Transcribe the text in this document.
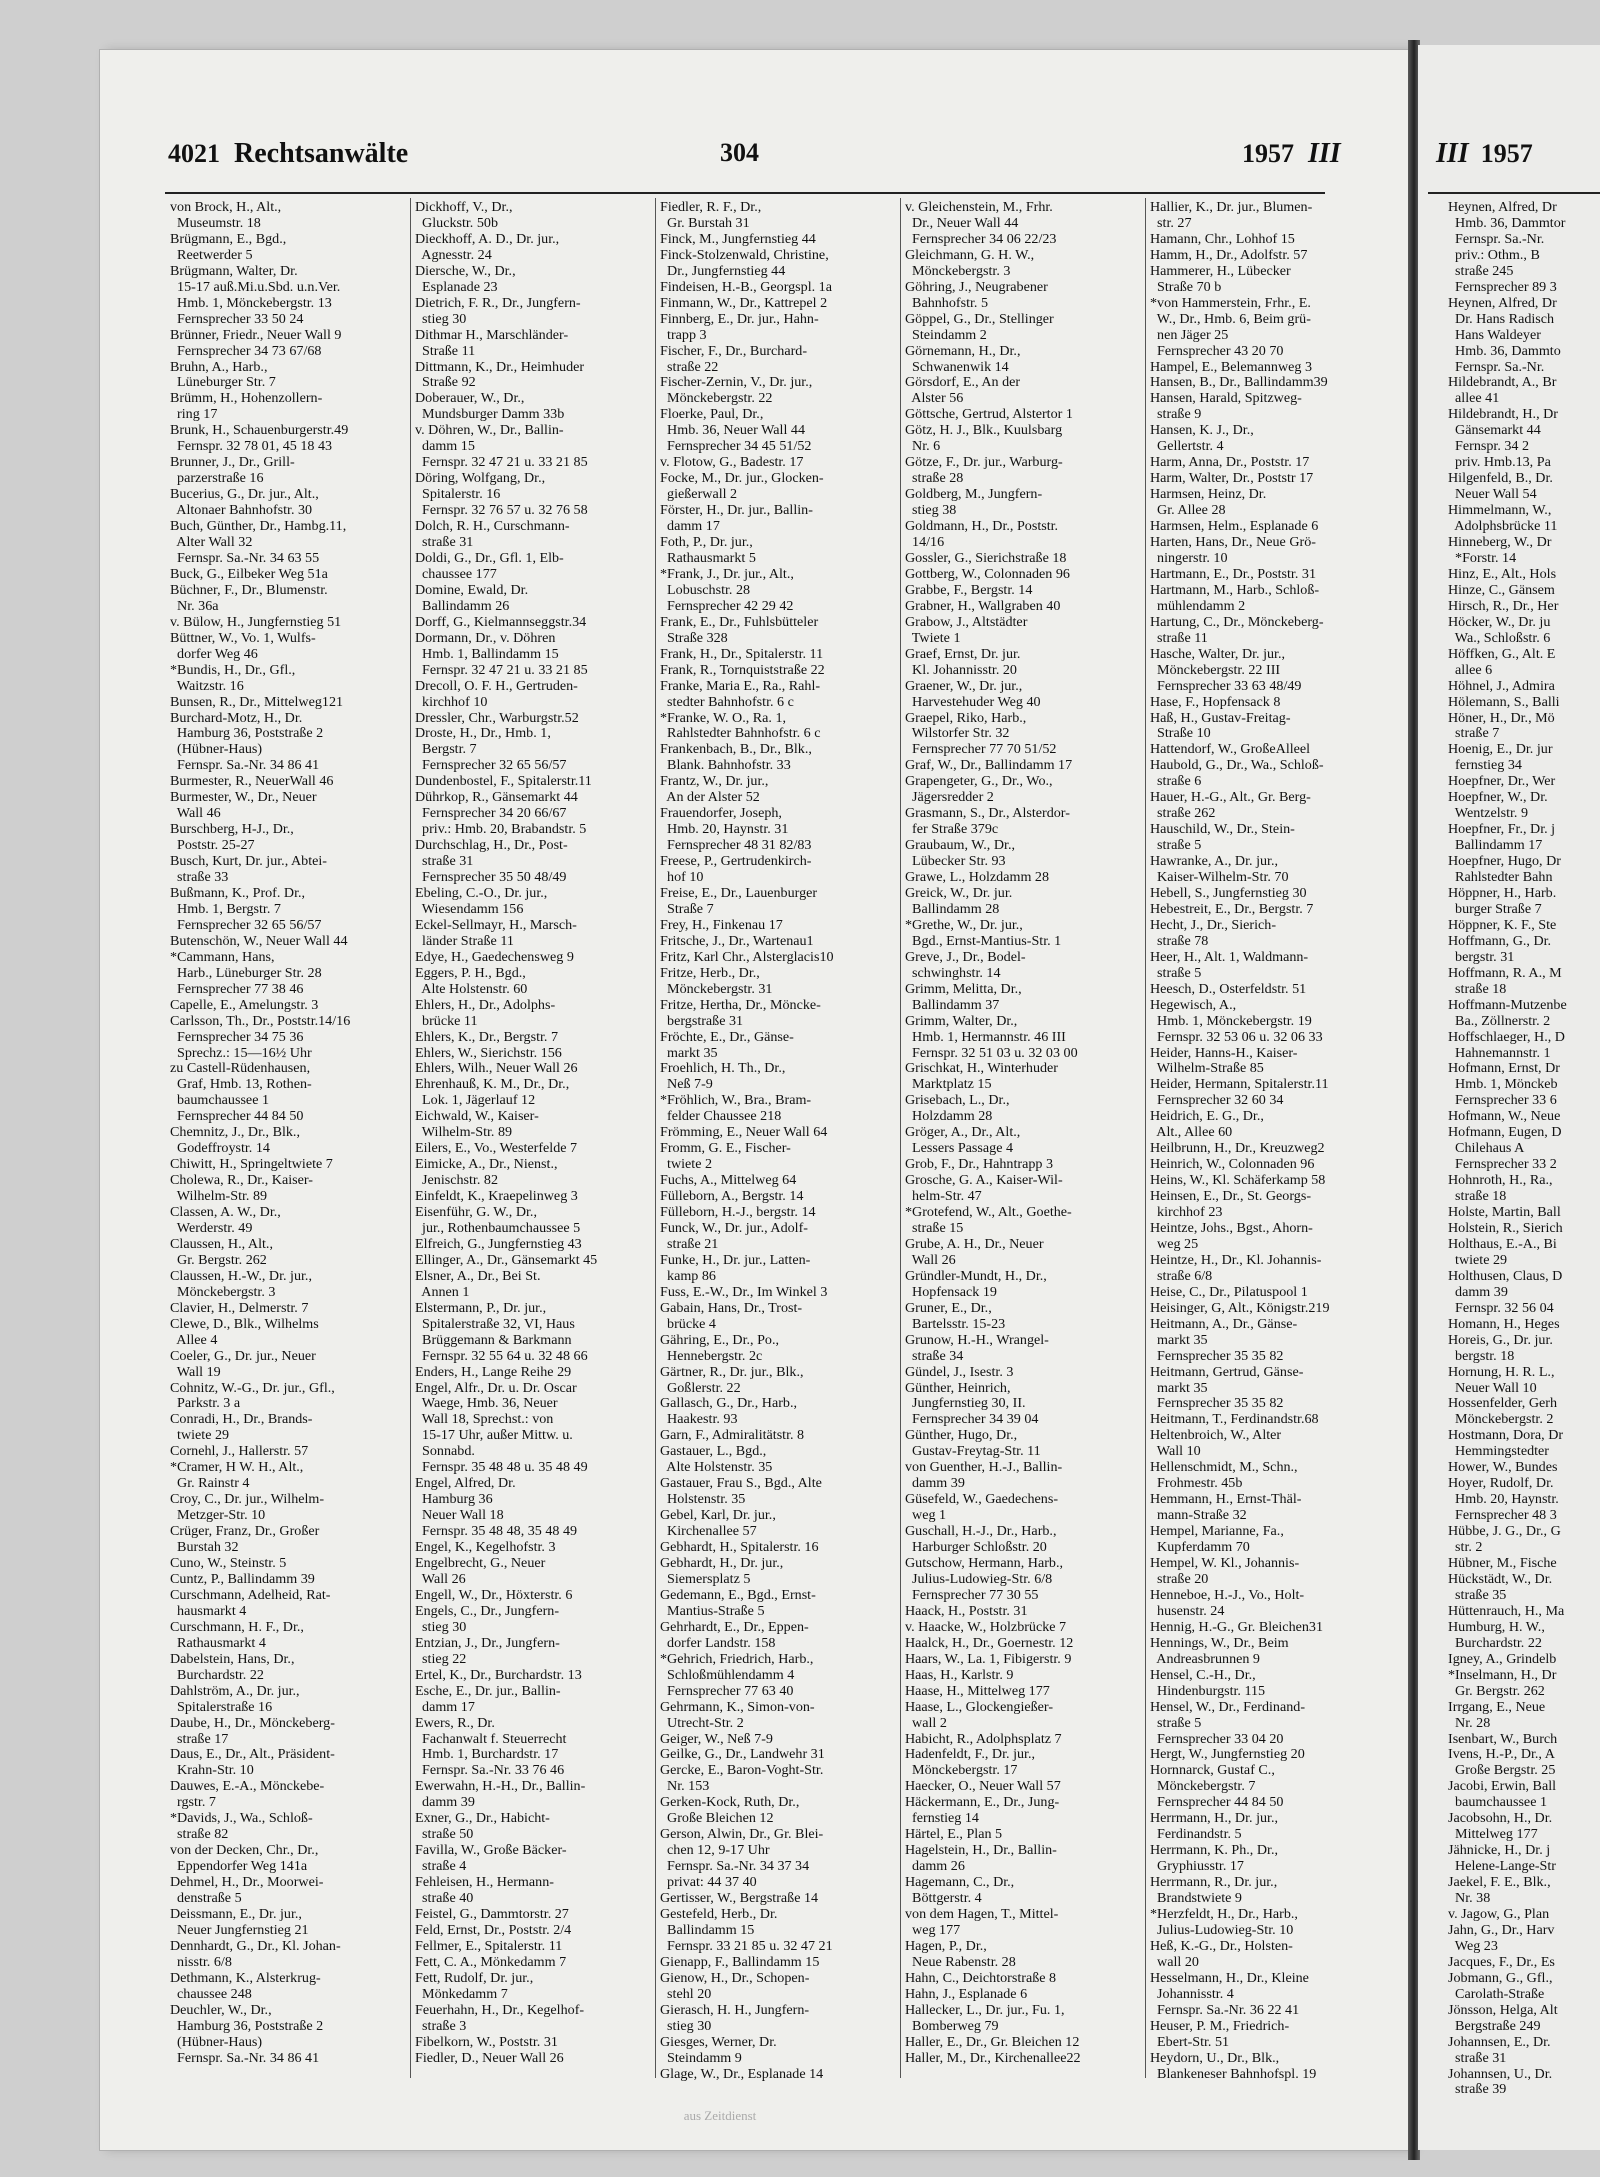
4021 Rechtsanwälte	304	1957 III	III 1957
von Brock, H., Alt.,
Museumstr. 18
Brügmann, E., Bgd.,
Reetwerder 5
Brügmann, Walter, Dr.
15-17 auß.Mi.u.Sbd. u.n.Ver.
Hmb. 1, Mönckebergstr. 13
Fernsprecher 33 50 24
Brünner, Friedr., Neuer Wall 9
Fernsprecher 34 73 67/68
Bruhn, A., Harb.,
Lüneburger Str. 7
Brümm, H., Hohenzollern-
ring 17
Brunk, H., Schauenburgerstr.49
Fernspr. 32 78 01, 45 18 43
Brunner, J., Dr., Grill-
parzerstraße 16
Bucerius, G., Dr. jur., Alt.,
Altonaer Bahnhofstr. 30
Buch, Günther, Dr., Hambg.11,
Alter Wall 32
Fernspr. Sa.-Nr. 34 63 55
Buck, G., Eilbeker Weg 51a
Büchner, F., Dr., Blumenstr.
Nr. 36a
v. Bülow, H., Jungfernstieg 51
Büttner, W., Vo. 1, Wulfs-
dorfer Weg 46
*Bundis, H., Dr., Gfl.,
Waitzstr. 16
Bunsen, R., Dr., Mittelweg121
Burchard-Motz, H., Dr.
Hamburg 36, Poststraße 2
(Hübner-Haus)
Fernspr. Sa.-Nr. 34 86 41
Burmester, R., NeuerWall 46
Burmester, W., Dr., Neuer
Wall 46
Burschberg, H-J., Dr.,
Poststr. 25-27
Busch, Kurt, Dr. jur., Abtei-
straße 33
Bußmann, K., Prof. Dr.,
Hmb. 1, Bergstr. 7
Fernsprecher 32 65 56/57
Butenschön, W., Neuer Wall 44
*Cammann, Hans,
Harb., Lüneburger Str. 28
Fernsprecher 77 38 46
Capelle, E., Amelungstr. 3
Carlsson, Th., Dr., Poststr.14/16
Fernsprecher 34 75 36
Sprechz.: 15—16½ Uhr
zu Castell-Rüdenhausen,
Graf, Hmb. 13, Rothen-
baumchaussee 1
Fernsprecher 44 84 50
Chemnitz, J., Dr., Blk.,
Godeffroystr. 14
Chiwitt, H., Springeltwiete 7
Cholewa, R., Dr., Kaiser-
Wilhelm-Str. 89
Classen, A. W., Dr.,
Werderstr. 49
Claussen, H., Alt.,
Gr. Bergstr. 262
Claussen, H.-W., Dr. jur.,
Mönckebergstr. 3
Clavier, H., Delmerstr. 7
Clewe, D., Blk., Wilhelms
Allee 4
Coeler, G., Dr. jur., Neuer
Wall 19
Cohnitz, W.-G., Dr. jur., Gfl.,
Parkstr. 3 a
Conradi, H., Dr., Brands-
twiete 29
Cornehl, J., Hallerstr. 57
*Cramer, H W. H., Alt.,
Gr. Rainstr 4
Croy, C., Dr. jur., Wilhelm-
Metzger-Str. 10
Crüger, Franz, Dr., Großer
Burstah 32
Cuno, W., Steinstr. 5
Cuntz, P., Ballindamm 39
Curschmann, Adelheid, Rat-
hausmarkt 4
Curschmann, H. F., Dr.,
Rathausmarkt 4
Dabelstein, Hans, Dr.,
Burchardstr. 22
Dahlström, A., Dr. jur.,
Spitalerstraße 16
Daube, H., Dr., Mönckeberg-
straße 17
Daus, E., Dr., Alt., Präsident-
Krahn-Str. 10
Dauwes, E.-A., Mönckebe-
rgstr. 7
*Davids, J., Wa., Schloß-
straße 82
von der Decken, Chr., Dr.,
Eppendorfer Weg 141a
Dehmel, H., Dr., Moorwei-
denstraße 5
Deissmann, E., Dr. jur.,
Neuer Jungfernstieg 21
Dennhardt, G., Dr., Kl. Johan-
nisstr. 6/8
Dethmann, K., Alsterkrug-
chaussee 248
Deuchler, W., Dr.,
Hamburg 36, Poststraße 2
(Hübner-Haus)
Fernspr. Sa.-Nr. 34 86 41
Dickhoff, V., Dr.,
Gluckstr. 50b
Dieckhoff, A. D., Dr. jur.,
Agnesstr. 24
Diersche, W., Dr.,
Esplanade 23
Dietrich, F. R., Dr., Jungfern-
stieg 30
Dithmar H., Marschländer-
Straße 11
Dittmann, K., Dr., Heimhuder
Straße 92
Doberauer, W., Dr.,
Mundsburger Damm 33b
v. Döhren, W., Dr., Ballin-
damm 15
Fernspr. 32 47 21 u. 33 21 85
Döring, Wolfgang, Dr.,
Spitalerstr. 16
Fernspr. 32 76 57 u. 32 76 58
Dolch, R. H., Curschmann-
straße 31
Doldi, G., Dr., Gfl. 1, Elb-
chaussee 177
Domine, Ewald, Dr.
Ballindamm 26
Dorff, G., Kielmannseggstr.34
Dormann, Dr., v. Döhren
Hmb. 1, Ballindamm 15
Fernspr. 32 47 21 u. 33 21 85
Drecoll, O. F. H., Gertruden-
kirchhof 10
Dressler, Chr., Warburgstr.52
Droste, H., Dr., Hmb. 1,
Bergstr. 7
Fernsprecher 32 65 56/57
Dundenbostel, F., Spitalerstr.11
Dührkop, R., Gänsemarkt 44
Fernsprecher 34 20 66/67
priv.: Hmb. 20, Brabandstr. 5
Durchschlag, H., Dr., Post-
straße 31
Fernsprecher 35 50 48/49
Ebeling, C.-O., Dr. jur.,
Wiesendamm 156
Eckel-Sellmayr, H., Marsch-
länder Straße 11
Edye, H., Gaedechensweg 9
Eggers, P. H., Bgd.,
Alte Holstenstr. 60
Ehlers, H., Dr., Adolphs-
brücke 11
Ehlers, K., Dr., Bergstr. 7
Ehlers, W., Sierichstr. 156
Ehlers, Wilh., Neuer Wall 26
Ehrenhauß, K. M., Dr., Dr.,
Lok. 1, Jägerlauf 12
Eichwald, W., Kaiser-
Wilhelm-Str. 89
Eilers, E., Vo., Westerfelde 7
Eimicke, A., Dr., Nienst.,
Jenischstr. 82
Einfeldt, K., Kraepelinweg 3
Eisenführ, G. W., Dr.,
jur., Rothenbaumchaussee 5
Elfreich, G., Jungfernstieg 43
Ellinger, A., Dr., Gänsemarkt 45
Elsner, A., Dr., Bei St.
Annen 1
Elstermann, P., Dr. jur.,
Spitalerstraße 32, VI, Haus
Brüggemann & Barkmann
Fernspr. 32 55 64 u. 32 48 66
Enders, H., Lange Reihe 29
Engel, Alfr., Dr. u. Dr. Oscar
Waege, Hmb. 36, Neuer
Wall 18, Sprechst.: von
15-17 Uhr, außer Mittw. u.
Sonnabd.
Fernspr. 35 48 48 u. 35 48 49
Engel, Alfred, Dr.
Hamburg 36
Neuer Wall 18
Fernspr. 35 48 48, 35 48 49
Engel, K., Kegelhofstr. 3
Engelbrecht, G., Neuer
Wall 26
Engell, W., Dr., Höxterstr. 6
Engels, C., Dr., Jungfern-
stieg 30
Entzian, J., Dr., Jungfern-
stieg 22
Ertel, K., Dr., Burchardstr. 13
Esche, E., Dr. jur., Ballin-
damm 17
Ewers, R., Dr.
Fachanwalt f. Steuerrecht
Hmb. 1, Burchardstr. 17
Fernspr. Sa.-Nr. 33 76 46
Ewerwahn, H.-H., Dr., Ballin-
damm 39
Exner, G., Dr., Habicht-
straße 50
Favilla, W., Große Bäcker-
straße 4
Fehleisen, H., Hermann-
straße 40
Feistel, G., Dammtorstr. 27
Feld, Ernst, Dr., Poststr. 2/4
Fellmer, E., Spitalerstr. 11
Fett, C. A., Mönkedamm 7
Fett, Rudolf, Dr. jur.,
Mönkedamm 7
Feuerhahn, H., Dr., Kegelhof-
straße 3
Fibelkorn, W., Poststr. 31
Fiedler, D., Neuer Wall 26
Fiedler, R. F., Dr.,
Gr. Burstah 31
Finck, M., Jungfernstieg 44
Finck-Stolzenwald, Christine,
Dr., Jungfernstieg 44
Findeisen, H.-B., Georgspl. 1a
Finmann, W., Dr., Kattrepel 2
Finnberg, E., Dr. jur., Hahn-
trapp 3
Fischer, F., Dr., Burchard-
straße 22
Fischer-Zernin, V., Dr. jur.,
Mönckebergstr. 22
Floerke, Paul, Dr.,
Hmb. 36, Neuer Wall 44
Fernsprecher 34 45 51/52
v. Flotow, G., Badestr. 17
Focke, M., Dr. jur., Glocken-
gießerwall 2
Förster, H., Dr. jur., Ballin-
damm 17
Foth, P., Dr. jur.,
Rathausmarkt 5
*Frank, J., Dr. jur., Alt.,
Lobuschstr. 28
Fernsprecher 42 29 42
Frank, E., Dr., Fuhlsbütteler
Straße 328
Frank, H., Dr., Spitalerstr. 11
Frank, R., Tornquiststraße 22
Franke, Maria E., Ra., Rahl-
stedter Bahnhofstr. 6 c
*Franke, W. O., Ra. 1,
Rahlstedter Bahnhofstr. 6 c
Frankenbach, B., Dr., Blk.,
Blank. Bahnhofstr. 33
Frantz, W., Dr. jur.,
An der Alster 52
Frauendorfer, Joseph,
Hmb. 20, Haynstr. 31
Fernsprecher 48 31 82/83
Freese, P., Gertrudenkirch-
hof 10
Freise, E., Dr., Lauenburger
Straße 7
Frey, H., Finkenau 17
Fritsche, J., Dr., Wartenau1
Fritz, Karl Chr., Alsterglacis10
Fritze, Herb., Dr.,
Mönckebergstr. 31
Fritze, Hertha, Dr., Möncke-
bergstraße 31
Fröchte, E., Dr., Gänse-
markt 35
Froehlich, H. Th., Dr.,
Neß 7-9
*Fröhlich, W., Bra., Bram-
felder Chaussee 218
Frömming, E., Neuer Wall 64
Fromm, G. E., Fischer-
twiete 2
Fuchs, A., Mittelweg 64
Fülleborn, A., Bergstr. 14
Fülleborn, H.-J., bergstr. 14
Funck, W., Dr. jur., Adolf-
straße 21
Funke, H., Dr. jur., Latten-
kamp 86
Fuss, E.-W., Dr., Im Winkel 3
Gabain, Hans, Dr., Trost-
brücke 4
Gähring, E., Dr., Po.,
Hennebergstr. 2c
Gärtner, R., Dr. jur., Blk.,
Goßlerstr. 22
Gallasch, G., Dr., Harb.,
Haakestr. 93
Garn, F., Admiralitätstr. 8
Gastauer, L., Bgd.,
Alte Holstenstr. 35
Gastauer, Frau S., Bgd., Alte
Holstenstr. 35
Gebel, Karl, Dr. jur.,
Kirchenallee 57
Gebhardt, H., Spitalerstr. 16
Gebhardt, H., Dr. jur.,
Siemersplatz 5
Gedemann, E., Bgd., Ernst-
Mantius-Straße 5
Gehrhardt, E., Dr., Eppen-
dorfer Landstr. 158
*Gehrich, Friedrich, Harb.,
Schloßmühlendamm 4
Fernsprecher 77 63 40
Gehrmann, K., Simon-von-
Utrecht-Str. 2
Geiger, W., Neß 7-9
Geilke, G., Dr., Landwehr 31
Gercke, E., Baron-Voght-Str.
Nr. 153
Gerken-Kock, Ruth, Dr.,
Große Bleichen 12
Gerson, Alwin, Dr., Gr. Blei-
chen 12, 9-17 Uhr
Fernspr. Sa.-Nr. 34 37 34
privat: 44 37 40
Gertisser, W., Bergstraße 14
Gestefeld, Herb., Dr.
Ballindamm 15
Fernspr. 33 21 85 u. 32 47 21
Gienapp, F., Ballindamm 15
Gienow, H., Dr., Schopen-
stehl 20
Gierasch, H. H., Jungfern-
stieg 30
Giesges, Werner, Dr.
Steindamm 9
Glage, W., Dr., Esplanade 14
v. Gleichenstein, M., Frhr.
Dr., Neuer Wall 44
Fernsprecher 34 06 22/23
Gleichmann, G. H. W.,
Mönckebergstr. 3
Göhring, J., Neugrabener
Bahnhofstr. 5
Göppel, G., Dr., Stellinger
Steindamm 2
Görnemann, H., Dr.,
Schwanenwik 14
Görsdorf, E., An der
Alster 56
Göttsche, Gertrud, Alstertor 1
Götz, H. J., Blk., Kuulsbarg
Nr. 6
Götze, F., Dr. jur., Warburg-
straße 28
Goldberg, M., Jungfern-
stieg 38
Goldmann, H., Dr., Poststr.
14/16
Gossler, G., Sierichstraße 18
Gottberg, W., Colonnaden 96
Grabbe, F., Bergstr. 14
Grabner, H., Wallgraben 40
Grabow, J., Altstädter
Twiete 1
Graef, Ernst, Dr. jur.
Kl. Johannisstr. 20
Graener, W., Dr. jur.,
Harvestehuder Weg 40
Graepel, Riko, Harb.,
Wilstorfer Str. 32
Fernsprecher 77 70 51/52
Graf, W., Dr., Ballindamm 17
Grapengeter, G., Dr., Wo.,
Jägersredder 2
Grasmann, S., Dr., Alsterdor-
fer Straße 379c
Graubaum, W., Dr.,
Lübecker Str. 93
Grawe, L., Holzdamm 28
Greick, W., Dr. jur.
Ballindamm 28
*Grethe, W., Dr. jur.,
Bgd., Ernst-Mantius-Str. 1
Greve, J., Dr., Bodel-
schwinghstr. 14
Grimm, Melitta, Dr.,
Ballindamm 37
Grimm, Walter, Dr.,
Hmb. 1, Hermannstr. 46 III
Fernspr. 32 51 03 u. 32 03 00
Grischkat, H., Winterhuder
Marktplatz 15
Grisebach, L., Dr.,
Holzdamm 28
Gröger, A., Dr., Alt.,
Lessers Passage 4
Grob, F., Dr., Hahntrapp 3
Grosche, G. A., Kaiser-Wil-
helm-Str. 47
*Grotefend, W., Alt., Goethe-
straße 15
Grube, A. H., Dr., Neuer
Wall 26
Gründler-Mundt, H., Dr.,
Hopfensack 19
Gruner, E., Dr.,
Bartelsstr. 15-23
Grunow, H.-H., Wrangel-
straße 34
Gündel, J., Isestr. 3
Günther, Heinrich,
Jungfernstieg 30, II.
Fernsprecher 34 39 04
Günther, Hugo, Dr.,
Gustav-Freytag-Str. 11
von Guenther, H.-J., Ballin-
damm 39
Güsefeld, W., Gaedechens-
weg 1
Guschall, H.-J., Dr., Harb.,
Harburger Schloßstr. 20
Gutschow, Hermann, Harb.,
Julius-Ludowieg-Str. 6/8
Fernsprecher 77 30 55
Haack, H., Poststr. 31
v. Haacke, W., Holzbrücke 7
Haalck, H., Dr., Goernestr. 12
Haars, W., La. 1, Fibigerstr. 9
Haas, H., Karlstr. 9
Haase, H., Mittelweg 177
Haase, L., Glockengießer-
wall 2
Habicht, R., Adolphsplatz 7
Hadenfeldt, F., Dr. jur.,
Mönckebergstr. 17
Haecker, O., Neuer Wall 57
Häckermann, E., Dr., Jung-
fernstieg 14
Härtel, E., Plan 5
Hagelstein, H., Dr., Ballin-
damm 26
Hagemann, C., Dr.,
Böttgerstr. 4
von dem Hagen, T., Mittel-
weg 177
Hagen, P., Dr.,
Neue Rabenstr. 28
Hahn, C., Deichtorstraße 8
Hahn, J., Esplanade 6
Hallecker, L., Dr. jur., Fu. 1,
Bomberweg 79
Haller, E., Dr., Gr. Bleichen 12
Haller, M., Dr., Kirchenallee22
Hallier, K., Dr. jur., Blumen-
str. 27
Hamann, Chr., Lohhof 15
Hamm, H., Dr., Adolfstr. 57
Hammerer, H., Lübecker
Straße 70 b
*von Hammerstein, Frhr., E.
W., Dr., Hmb. 6, Beim grü-
nen Jäger 25
Fernsprecher 43 20 70
Hampel, E., Belemannweg 3
Hansen, B., Dr., Ballindamm39
Hansen, Harald, Spitzweg-
straße 9
Hansen, K. J., Dr.,
Gellertstr. 4
Harm, Anna, Dr., Poststr. 17
Harm, Walter, Dr., Poststr 17
Harmsen, Heinz, Dr.
Gr. Allee 28
Harmsen, Helm., Esplanade 6
Harten, Hans, Dr., Neue Grö-
ningerstr. 10
Hartmann, E., Dr., Poststr. 31
Hartmann, M., Harb., Schloß-
mühlendamm 2
Hartung, C., Dr., Mönckeberg-
straße 11
Hasche, Walter, Dr. jur.,
Mönckebergstr. 22 III
Fernsprecher 33 63 48/49
Hase, F., Hopfensack 8
Haß, H., Gustav-Freitag-
Straße 10
Hattendorf, W., GroßeAlleel
Haubold, G., Dr., Wa., Schloß-
straße 6
Hauer, H.-G., Alt., Gr. Berg-
straße 262
Hauschild, W., Dr., Stein-
straße 5
Hawranke, A., Dr. jur.,
Kaiser-Wilhelm-Str. 70
Hebell, S., Jungfernstieg 30
Hebestreit, E., Dr., Bergstr. 7
Hecht, J., Dr., Sierich-
straße 78
Heer, H., Alt. 1, Waldmann-
straße 5
Heesch, D., Osterfeldstr. 51
Hegewisch, A.,
Hmb. 1, Mönckebergstr. 19
Fernspr. 32 53 06 u. 32 06 33
Heider, Hanns-H., Kaiser-
Wilhelm-Straße 85
Heider, Hermann, Spitalerstr.11
Fernsprecher 32 60 34
Heidrich, E. G., Dr.,
Alt., Allee 60
Heilbrunn, H., Dr., Kreuzweg2
Heinrich, W., Colonnaden 96
Heins, W., Kl. Schäferkamp 58
Heinsen, E., Dr., St. Georgs-
kirchhof 23
Heintze, Johs., Bgst., Ahorn-
weg 25
Heintze, H., Dr., Kl. Johannis-
straße 6/8
Heise, C., Dr., Pilatuspool 1
Heisinger, G, Alt., Königstr.219
Heitmann, A., Dr., Gänse-
markt 35
Fernsprecher 35 35 82
Heitmann, Gertrud, Gänse-
markt 35
Fernsprecher 35 35 82
Heitmann, T., Ferdinandstr.68
Heltenbroich, W., Alter
Wall 10
Hellenschmidt, M., Schn.,
Frohmestr. 45b
Hemmann, H., Ernst-Thäl-
mann-Straße 32
Hempel, Marianne, Fa.,
Kupferdamm 70
Hempel, W. Kl., Johannis-
straße 20
Henneboe, H.-J., Vo., Holt-
husenstr. 24
Hennig, H.-G., Gr. Bleichen31
Hennings, W., Dr., Beim
Andreasbrunnen 9
Hensel, C.-H., Dr.,
Hindenburgstr. 115
Hensel, W., Dr., Ferdinand-
straße 5
Fernsprecher 33 04 20
Hergt, W., Jungfernstieg 20
Hornnarck, Gustaf C.,
Mönckebergstr. 7
Fernsprecher 44 84 50
Herrmann, H., Dr. jur.,
Ferdinandstr. 5
Herrmann, K. Ph., Dr.,
Gryphiusstr. 17
Herrmann, R., Dr. jur.,
Brandstwiete 9
*Herzfeldt, H., Dr., Harb.,
Julius-Ludowieg-Str. 10
Heß, K.-G., Dr., Holsten-
wall 20
Hesselmann, H., Dr., Kleine
Johannisstr. 4
Fernspr. Sa.-Nr. 36 22 41
Heuser, P. M., Friedrich-
Ebert-Str. 51
Heydorn, U., Dr., Blk.,
Blankeneser Bahnhofspl. 19
Heynen, Alfred, Dr
Hmb. 36, Dammtor
Fernspr. Sa.-Nr.
priv.: Othm., B
straße 245
Fernsprecher 89 3
Heynen, Alfred, Dr
Dr. Hans Radisch
Hans Waldeyer
Hmb. 36, Dammto
Fernspr. Sa.-Nr.
Hildebrandt, A., Br
allee 41
Hildebrandt, H., Dr
Gänsemarkt 44
Fernspr. 34 2
priv. Hmb.13, Pa
Hilgenfeld, B., Dr.
Neuer Wall 54
Himmelmann, W.,
Adolphsbrücke 11
Hinneberg, W., Dr
*Forstr. 14
Hinz, E., Alt., Hols
Hinze, C., Gänsem
Hirsch, R., Dr., Her
Höcker, W., Dr. ju
Wa., Schloßstr. 6
Höffken, G., Alt. E
allee 6
Höhnel, J., Admira
Hölemann, S., Balli
Höner, H., Dr., Mö
straße 7
Hoenig, E., Dr. jur
fernstieg 34
Hoepfner, Dr., Wer
Hoepfner, W., Dr.
Wentzelstr. 9
Hoepfner, Fr., Dr. j
Ballindamm 17
Hoepfner, Hugo, Dr
Rahlstedter Bahn
Höppner, H., Harb.
burger Straße 7
Höppner, K. F., Ste
Hoffmann, G., Dr.
bergstr. 31
Hoffmann, R. A., M
straße 18
Hoffmann-Mutzenbe
Ba., Zöllnerstr. 2
Hoffschlaeger, H., D
Hahnemannstr. 1
Hofmann, Ernst, Dr
Hmb. 1, Mönckeb
Fernsprecher 33 6
Hofmann, W., Neue
Hofmann, Eugen, D
Chilehaus A
Fernsprecher 33 2
Hohnroth, H., Ra.,
straße 18
Holste, Martin, Ball
Holstein, R., Sierich
Holthaus, E.-A., Bi
twiete 29
Holthusen, Claus, D
damm 39
Fernspr. 32 56 04
Homann, H., Heges
Horeis, G., Dr. jur.
bergstr. 18
Hornung, H. R. L.,
Neuer Wall 10
Hossenfelder, Gerh
Mönckebergstr. 2
Hostmann, Dora, Dr
Hemmingstedter
Hower, W., Bundes
Hoyer, Rudolf, Dr.
Hmb. 20, Haynstr.
Fernsprecher 48 3
Hübbe, J. G., Dr., G
str. 2
Hübner, M., Fische
Hückstädt, W., Dr.
straße 35
Hüttenrauch, H., Ma
Humburg, H. W.,
Burchardstr. 22
Igney, A., Grindelb
*Inselmann, H., Dr
Gr. Bergstr. 262
Irrgang, E., Neue
Nr. 28
Isenbart, W., Burch
Ivens, H.-P., Dr., A
Große Bergstr. 25
Jacobi, Erwin, Ball
baumchaussee 1
Jacobsohn, H., Dr.
Mittelweg 177
Jähnicke, H., Dr. j
Helene-Lange-Str
Jaekel, F. E., Blk.,
Nr. 38
v. Jagow, G., Plan
Jahn, G., Dr., Harv
Weg 23
Jacques, F., Dr., Es
Jobmann, G., Gfl.,
Carolath-Straße
Jönsson, Helga, Alt
Bergstraße 249
Johannsen, E., Dr.
straße 31
Johannsen, U., Dr.
straße 39
aus Zeitdienst
